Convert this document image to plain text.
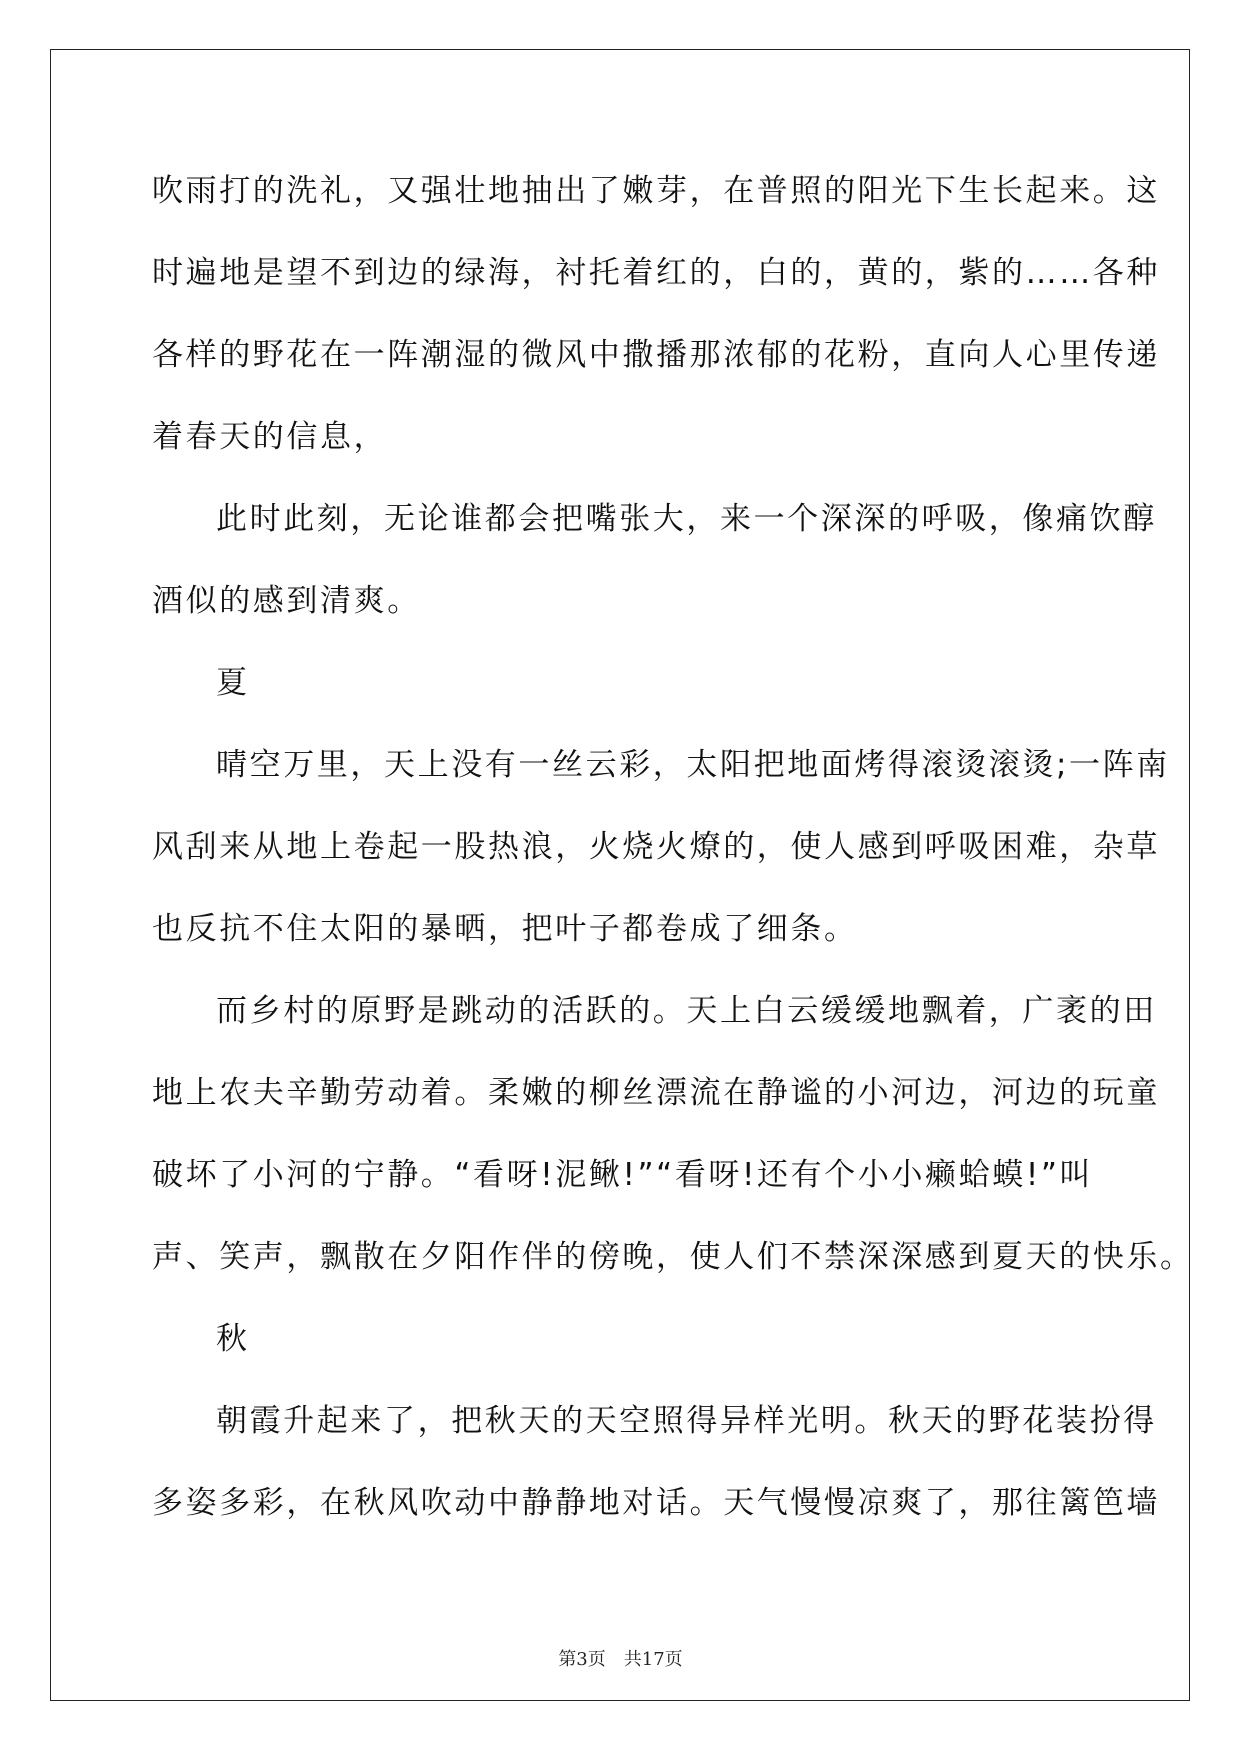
吹雨打的洗礼，又强壮地抽出了嫩芽，在普照的阳光下生长起来。这
时遍地是望不到边的绿海，衬托着红的，白的，黄的，紫的……各种
各样的野花在一阵潮湿的微风中撒播那浓郁的花粉，直向人心里传递
着春天的信息，
此时此刻，无论谁都会把嘴张大，来一个深深的呼吸，像痛饮醇
酒似的感到清爽。
夏
晴空万里，天上没有一丝云彩，太阳把地面烤得滚烫滚烫;一阵南
风刮来从地上卷起一股热浪，火烧火燎的，使人感到呼吸困难，杂草
也反抗不住太阳的暴晒，把叶子都卷成了细条。
而乡村的原野是跳动的活跃的。天上白云缓缓地飘着，广袤的田
地上农夫辛勤劳动着。柔嫩的柳丝漂流在静谧的小河边，河边的玩童
破坏了小河的宁静。“看呀!泥鳅!”“看呀!还有个小小癞蛤蟆!”叫
声、笑声，飘散在夕阳作伴的傍晚，使人们不禁深深感到夏天的快乐。
秋
朝霞升起来了，把秋天的天空照得异样光明。秋天的野花装扮得
多姿多彩，在秋风吹动中静静地对话。天气慢慢凉爽了，那往篱笆墙
第3页　共17页
